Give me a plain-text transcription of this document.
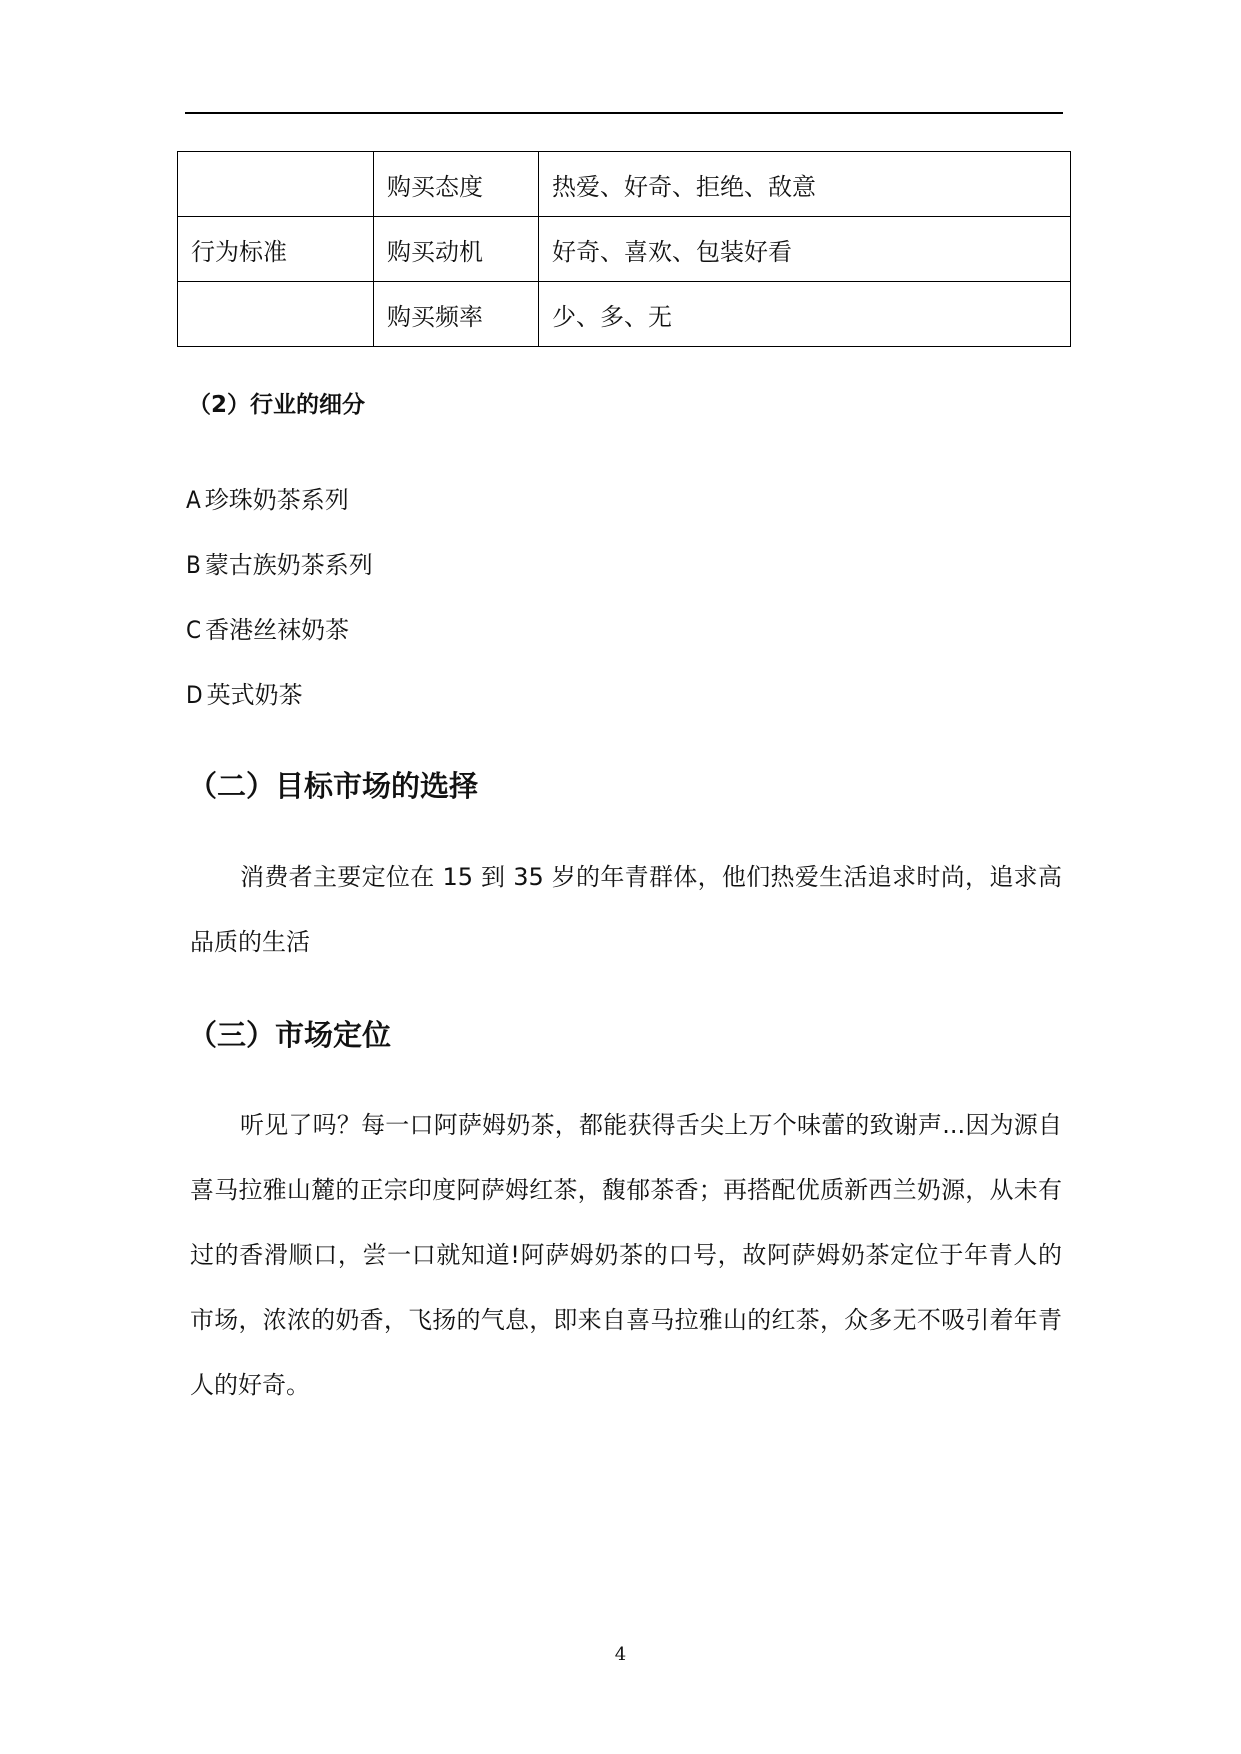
	购买态度	热爱、好奇、拒绝、敌意
行为标准	购买动机	好奇、喜欢、包装好看
	购买频率	少、多、无

（2）行业的细分

A 珍珠奶茶系列

B 蒙古族奶茶系列

C 香港丝袜奶茶

D 英式奶茶

（二）目标市场的选择

消费者主要定位在 15 到 35 岁的年青群体，他们热爱生活追求时尚，追求高品质的生活

（三）市场定位

听见了吗？每一口阿萨姆奶茶，都能获得舌尖上万个味蕾的致谢声...因为源自喜马拉雅山麓的正宗印度阿萨姆红茶，馥郁茶香；再搭配优质新西兰奶源，从未有过的香滑顺口，尝一口就知道!阿萨姆奶茶的口号，故阿萨姆奶茶定位于年青人的市场，浓浓的奶香，飞扬的气息，即来自喜马拉雅山的红茶，众多无不吸引着年青人的好奇。

4
